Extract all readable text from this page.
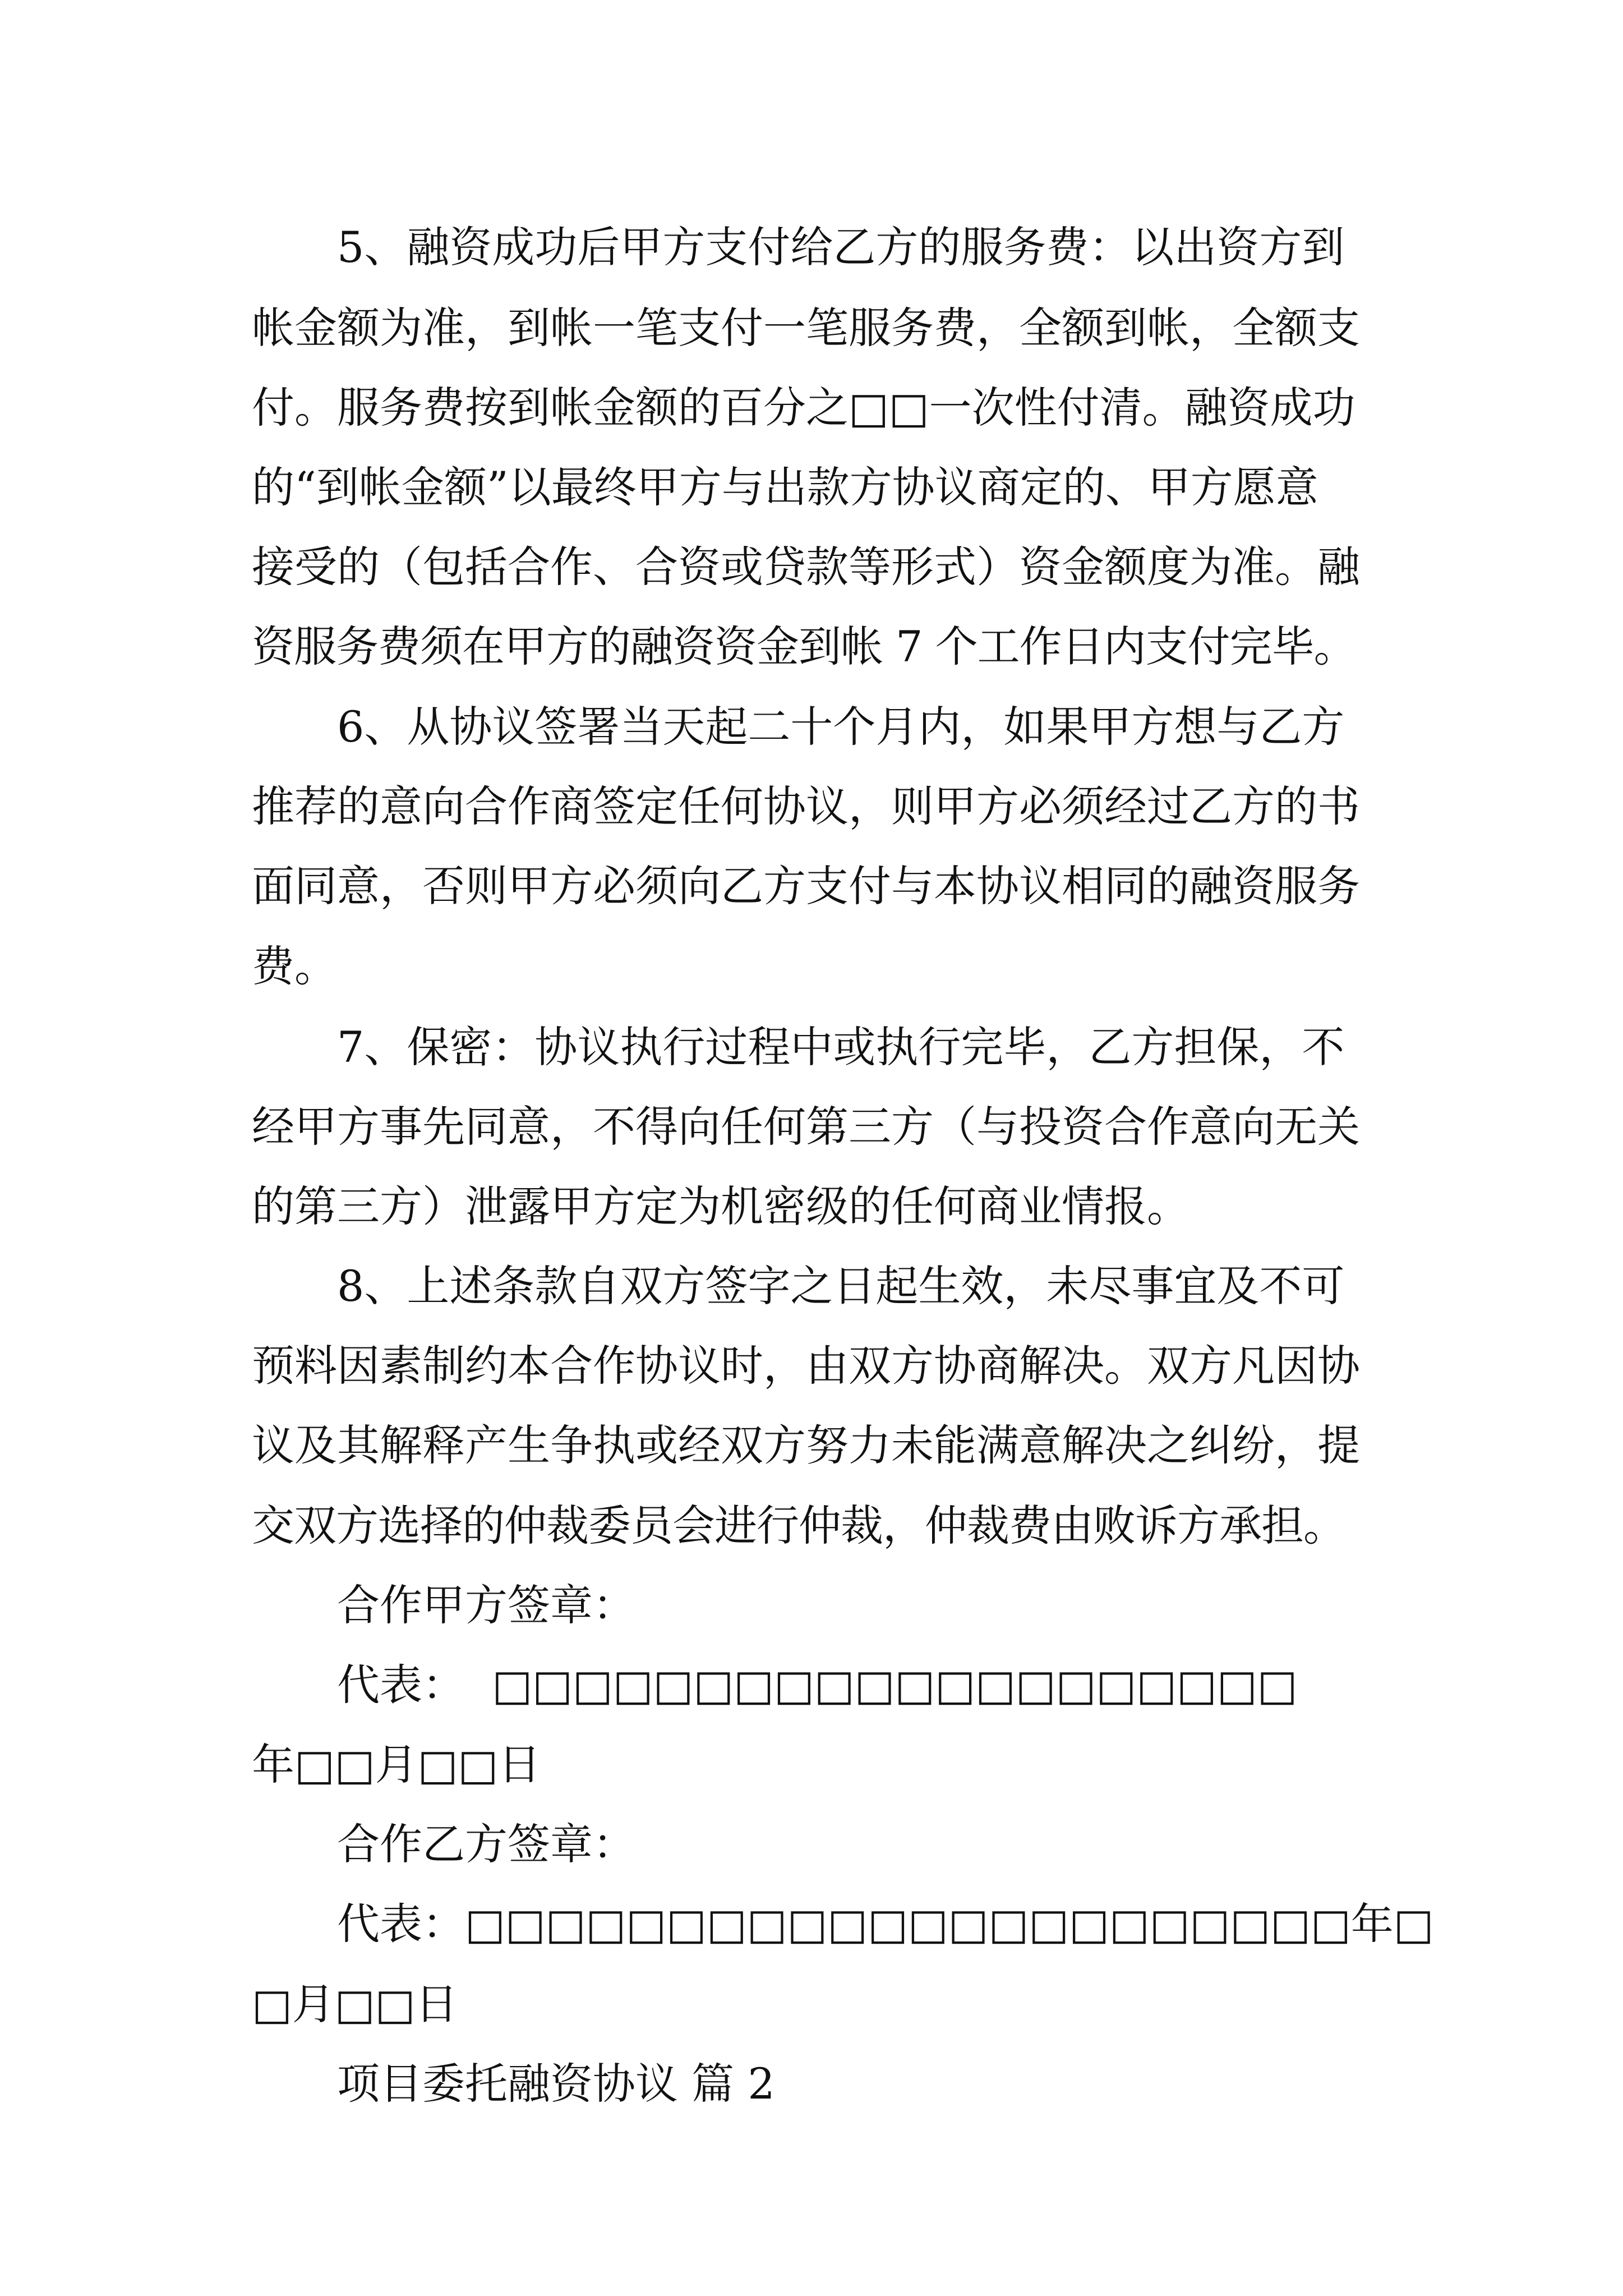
5、融资成功后甲方支付给乙方的服务费：以出资方到

帐金额为准，到帐一笔支付一笔服务费，全额到帐，全额支

付。服务费按到帐金额的百分之□□一次性付清。融资成功

的“到帐金额”以最终甲方与出款方协议商定的、甲方愿意

接受的（包括合作、合资或贷款等形式）资金额度为准。融

资服务费须在甲方的融资资金到帐 7 个工作日内支付完毕。

6、从协议签署当天起二十个月内，如果甲方想与乙方

推荐的意向合作商签定任何协议，则甲方必须经过乙方的书

面同意，否则甲方必须向乙方支付与本协议相同的融资服务

费。

7、保密：协议执行过程中或执行完毕，乙方担保，不

经甲方事先同意，不得向任何第三方（与投资合作意向无关

的第三方）泄露甲方定为机密级的任何商业情报。

8、上述条款自双方签字之日起生效，未尽事宜及不可

预料因素制约本合作协议时，由双方协商解决。双方凡因协

议及其解释产生争执或经双方努力未能满意解决之纠纷，提

交双方选择的仲裁委员会进行仲裁，仲裁费由败诉方承担。

合作甲方签章：

代表：  □□□□□□□□□□□□□□□□□□□□

年□□月□□日

合作乙方签章：

代表：□□□□□□□□□□□□□□□□□□□□□□年□

□月□□日

项目委托融资协议 篇 2
